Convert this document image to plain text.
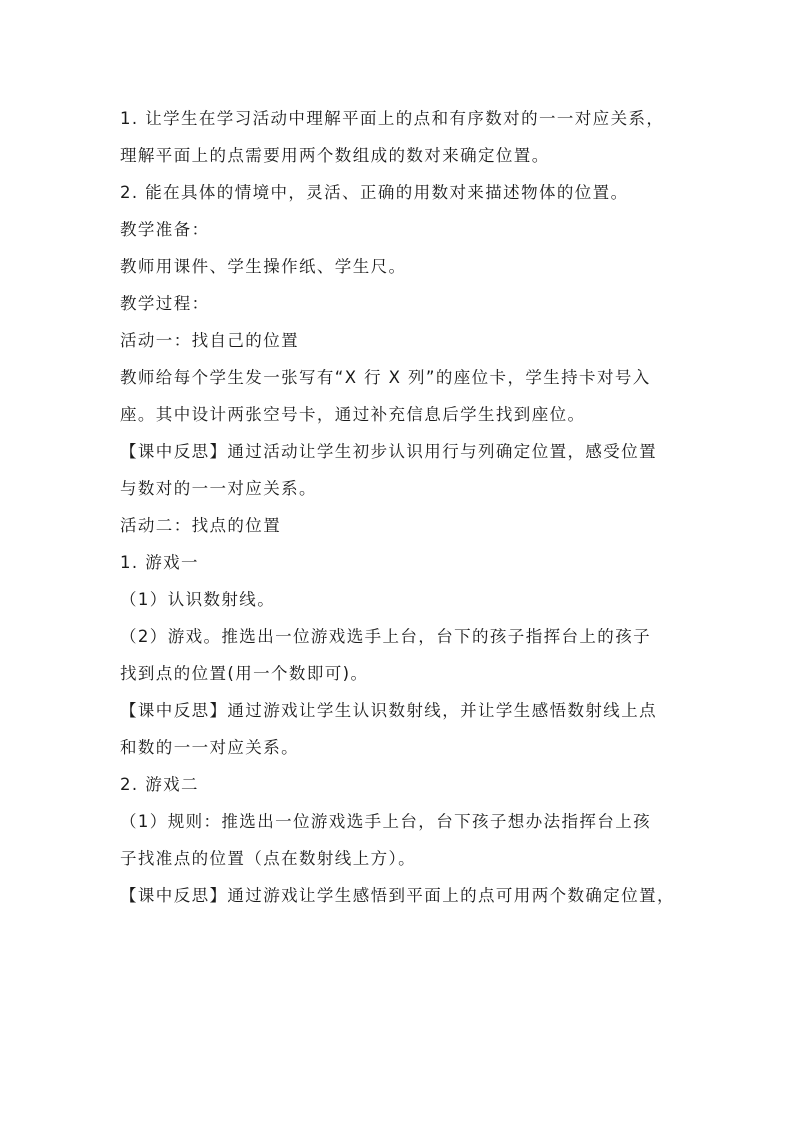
1. 让学生在学习活动中理解平面上的点和有序数对的一一对应关系，
理解平面上的点需要用两个数组成的数对来确定位置。
2. 能在具体的情境中，灵活、正确的用数对来描述物体的位置。
教学准备：
教师用课件、学生操作纸、学生尺。
教学过程：
活动一：找自己的位置
教师给每个学生发一张写有“X 行 X 列”的座位卡，学生持卡对号入
座。其中设计两张空号卡，通过补充信息后学生找到座位。
【课中反思】通过活动让学生初步认识用行与列确定位置，感受位置
与数对的一一对应关系。
活动二：找点的位置
1. 游戏一
（1）认识数射线。
（2）游戏。推选出一位游戏选手上台，台下的孩子指挥台上的孩子
找到点的位置(用一个数即可)。
【课中反思】通过游戏让学生认识数射线，并让学生感悟数射线上点
和数的一一对应关系。
2. 游戏二
（1）规则：推选出一位游戏选手上台，台下孩子想办法指挥台上孩
子找准点的位置（点在数射线上方）。
【课中反思】通过游戏让学生感悟到平面上的点可用两个数确定位置，
